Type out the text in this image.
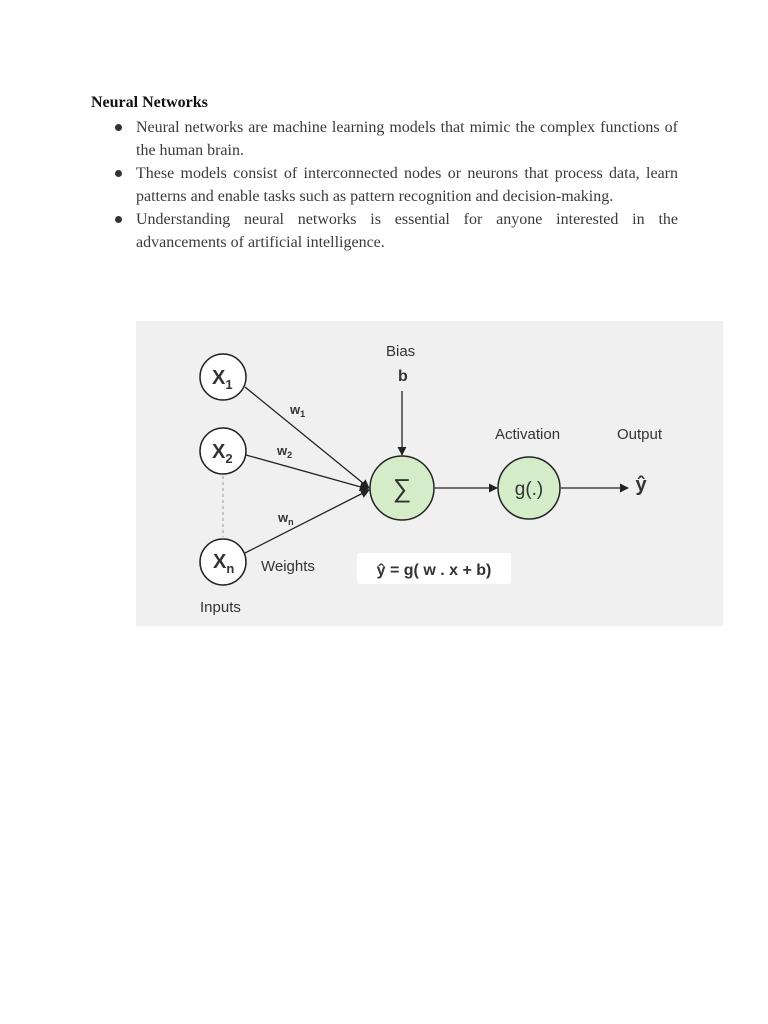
Neural Networks
Neural networks are machine learning models that mimic the complex functions of the human brain.
These models consist of interconnected nodes or neurons that process data, learn patterns and enable tasks such as pattern recognition and decision-making.
Understanding neural networks is essential for anyone interested in the advancements of artificial intelligence.
$X_1$
$X_2$
$X_n$
$w_1$
$w_2$
$w_n$
Weights
Inputs
Bias
b
∑
Activation
g(.)
Output
ŷ
ŷ = g( w . x + b)
